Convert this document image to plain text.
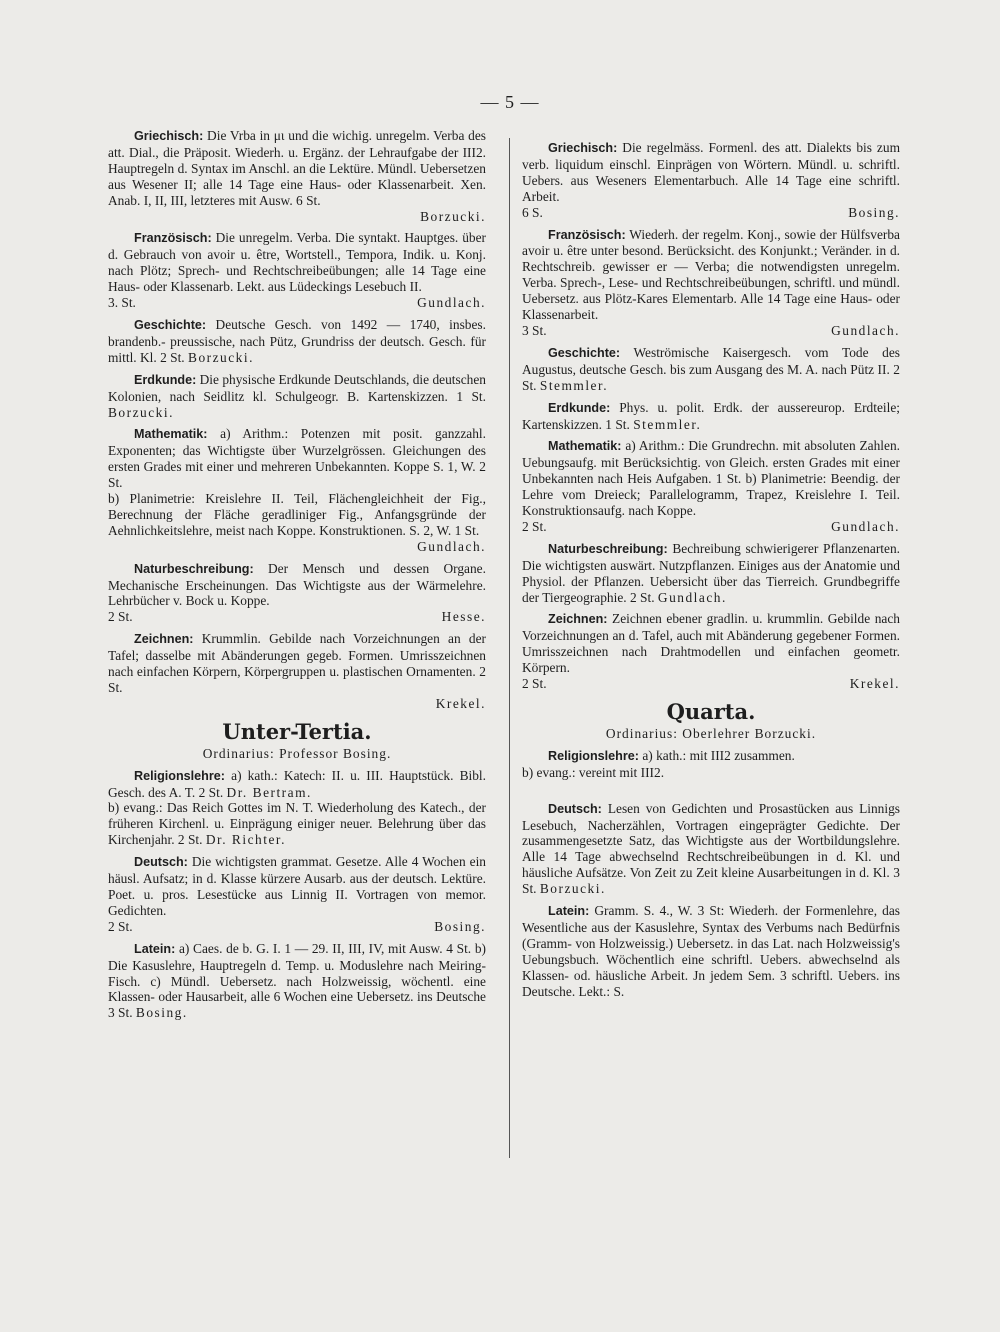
— 5 —

Griechisch: Die Vrba in μι und die wichig. unregelm. Verba des att. Dial., die Präposit. Wiederh. u. Ergänz. der Lehraufgabe der III2. Hauptregeln d. Syntax im Anschl. an die Lektüre. Mündl. Uebersetzen aus Wesener II; alle 14 Tage eine Haus- oder Klassenarbeit. Xen. Anab. I, II, III, letzteres mit Ausw. 6 St.
Borzucki.

Französisch: Die unregelm. Verba. Die syntakt. Hauptges. über d. Gebrauch von avoir u. être, Wortstell., Tempora, Indik. u. Konj. nach Plötz; Sprech- und Rechtschreibeübungen; alle 14 Tage eine Haus- oder Klassenarb. Lekt. aus Lüdeckings Lesebuch II.
3. St.	Gundlach.

Geschichte: Deutsche Gesch. von 1492 — 1740, insbes. brandenb.- preussische, nach Pütz, Grundriss der deutsch. Gesch. für mittl. Kl. 2 St. Borzucki.

Erdkunde: Die physische Erdkunde Deutschlands, die deutschen Kolonien, nach Seidlitz kl. Schulgeogr. B. Kartenskizzen. 1 St. Borzucki.

Mathematik: a) Arithm.: Potenzen mit posit. ganzzahl. Exponenten; das Wichtigste über Wurzelgrössen. Gleichungen des ersten Grades mit einer und mehreren Unbekannten. Koppe S. 1, W. 2 St.
b) Planimetrie: Kreislehre II. Teil, Flächengleichheit der Fig., Berechnung der Fläche geradliniger Fig., Anfangsgründe der Aehnlichkeitslehre, meist nach Koppe. Konstruktionen. S. 2, W. 1 St.
Gundlach.

Naturbeschreibung: Der Mensch und dessen Organe. Mechanische Erscheinungen. Das Wichtigste aus der Wärmelehre. Lehrbücher v. Bock u. Koppe.
2 St.	Hesse.

Zeichnen: Krummlin. Gebilde nach Vorzeichnungen an der Tafel; dasselbe mit Abänderungen gegeb. Formen. Umrisszeichnen nach einfachen Körpern, Körpergruppen u. plastischen Ornamenten. 2 St.
Krekel.

Unter-Tertia.
Ordinarius: Professor Bosing.

Religionslehre: a) kath.: Katech: II. u. III. Hauptstück. Bibl. Gesch. des A. T. 2 St. Dr. Bertram.
b) evang.: Das Reich Gottes im N. T. Wiederholung des Katech., der früheren Kirchenl. u. Einprägung einiger neuer. Belehrung über das Kirchenjahr. 2 St. Dr. Richter.

Deutsch: Die wichtigsten grammat. Gesetze. Alle 4 Wochen ein häusl. Aufsatz; in d. Klasse kürzere Ausarb. aus der deutsch. Lektüre. Poet. u. pros. Lesestücke aus Linnig II. Vortragen von memor. Gedichten.
2 St.	Bosing.

Latein: a) Caes. de b. G. I. 1 — 29. II, III, IV, mit Ausw. 4 St. b) Die Kasuslehre, Hauptregeln d. Temp. u. Moduslehre nach Meiring-Fisch. c) Mündl. Uebersetz. nach Holzweissig, wöchentl. eine Klassen- oder Hausarbeit, alle 6 Wochen eine Uebersetz. ins Deutsche 3 St. Bosing.

Griechisch: Die regelmäss. Formenl. des att. Dialekts bis zum verb. liquidum einschl. Einprägen von Wörtern. Mündl. u. schriftl. Uebers. aus Weseners Elementarbuch. Alle 14 Tage eine schriftl. Arbeit.
6 S.	Bosing.

Französisch: Wiederh. der regelm. Konj., sowie der Hülfsverba avoir u. être unter besond. Berücksicht. des Konjunkt.; Veränder. in d. Rechtschreib. gewisser er — Verba; die notwendigsten unregelm. Verba. Sprech-, Lese- und Rechtschreibeübungen, schriftl. und mündl. Uebersetz. aus Plötz-Kares Elementarb. Alle 14 Tage eine Haus- oder Klassenarbeit.
3 St.	Gundlach.

Geschichte: Weströmische Kaisergesch. vom Tode des Augustus, deutsche Gesch. bis zum Ausgang des M. A. nach Pütz II. 2 St. Stemmler.

Erdkunde: Phys. u. polit. Erdk. der aussereurop. Erdteile; Kartenskizzen. 1 St. Stemmler.

Mathematik: a) Arithm.: Die Grundrechn. mit absoluten Zahlen. Uebungsaufg. mit Berücksichtig. von Gleich. ersten Grades mit einer Unbekannten nach Heis Aufgaben. 1 St. b) Planimetrie: Beendig. der Lehre vom Dreieck; Parallelogramm, Trapez, Kreislehre I. Teil. Konstruktionsaufg. nach Koppe.
2 St.	Gundlach.

Naturbeschreibung: Bechreibung schwierigerer Pflanzenarten. Die wichtigsten auswärt. Nutzpflanzen. Einiges aus der Anatomie und Physiol. der Pflanzen. Uebersicht über das Tierreich. Grundbegriffe der Tiergeographie. 2 St. Gundlach.

Zeichnen: Zeichnen ebener gradlin. u. krummlin. Gebilde nach Vorzeichnungen an d. Tafel, auch mit Abänderung gegebener Formen. Umrisszeichnen nach Drahtmodellen und einfachen geometr. Körpern.
2 St.	Krekel.

Quarta.
Ordinarius: Oberlehrer Borzucki.

Religionslehre: a) kath.: mit III2 zusammen.
b) evang.: vereint mit III2.

Deutsch: Lesen von Gedichten und Prosastücken aus Linnigs Lesebuch, Nacherzählen, Vortragen eingeprägter Gedichte. Der zusammengesetzte Satz, das Wichtigste aus der Wortbildungslehre. Alle 14 Tage abwechselnd Rechtschreibeübungen in d. Kl. und häusliche Aufsätze. Von Zeit zu Zeit kleine Ausarbeitungen in d. Kl. 3 St. Borzucki.

Latein: Gramm. S. 4., W. 3 St: Wiederh. der Formenlehre, das Wesentliche aus der Kasuslehre, Syntax des Verbums nach Bedürfnis (Gramm- von Holzweissig.) Uebersetz. in das Lat. nach Holzweissig's Uebungsbuch. Wöchentlich eine schriftl. Uebers. abwechselnd als Klassen- od. häusliche Arbeit. Jn jedem Sem. 3 schriftl. Uebers. ins Deutsche. Lekt.: S.
